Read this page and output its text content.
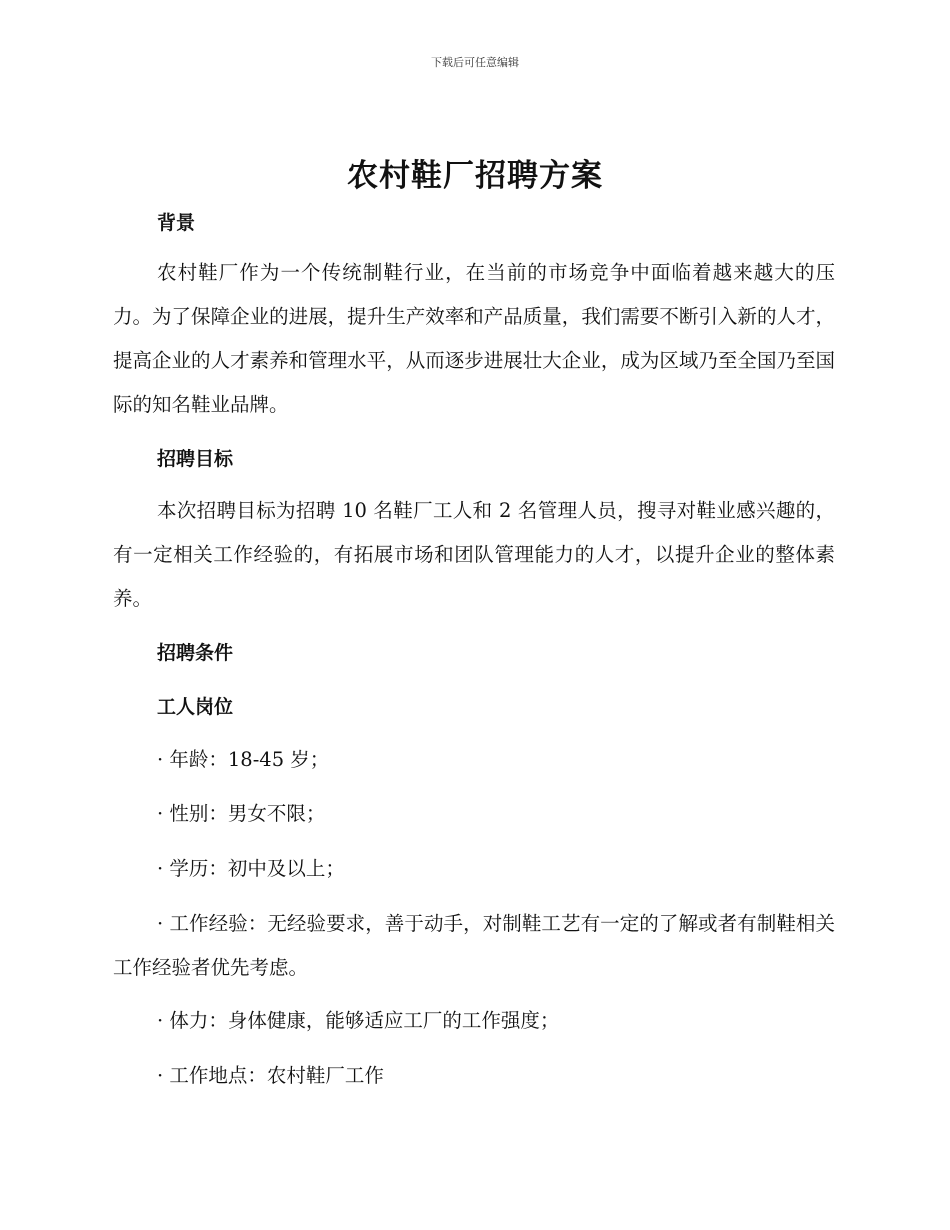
下载后可任意编辑
农村鞋厂招聘方案
背景

农村鞋厂作为一个传统制鞋行业，在当前的市场竞争中面临着越来越大的压力。为了保障企业的进展，提升生产效率和产品质量，我们需要不断引入新的人才，提高企业的人才素养和管理水平，从而逐步进展壮大企业，成为区域乃至全国乃至国际的知名鞋业品牌。

招聘目标

本次招聘目标为招聘 10 名鞋厂工人和 2 名管理人员，搜寻对鞋业感兴趣的，有一定相关工作经验的，有拓展市场和团队管理能力的人才，以提升企业的整体素养。

招聘条件
工人岗位

· 年龄：18-45 岁；

· 性别：男女不限；

· 学历：初中及以上；

· 工作经验：无经验要求，善于动手，对制鞋工艺有一定的了解或者有制鞋相关工作经验者优先考虑。

· 体力：身体健康，能够适应工厂的工作强度；

· 工作地点：农村鞋厂工作
